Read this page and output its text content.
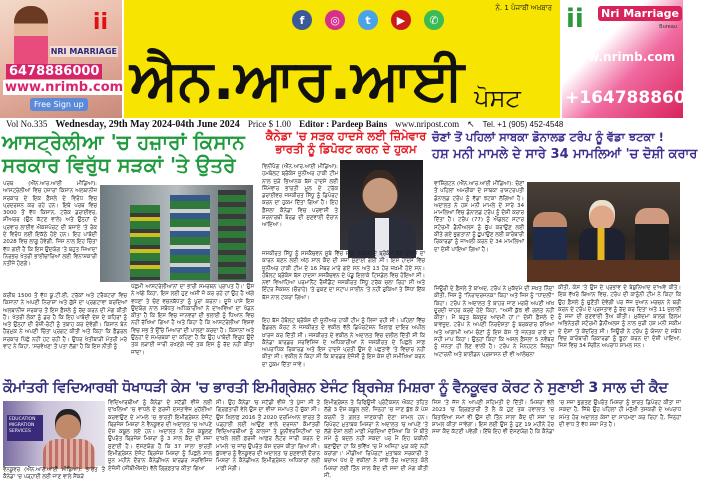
ii
NRI MARRIAGE
6478886000
www.nrimb.com
Free Sign up
f	◎	t	▶	✆
ਨੰ. 1 ਪੰਜਾਬੀ ਅਖ਼ਬਾਰ
ਐਨ.ਆਰ.ਆਈ ਪੋਸਟ
ii Nri Marriage
Bureau
www.nrimb.com
+16478886000
Vol No.335 Wednesday, 29th May 2024-04th June 2024 Price $ 1.00 Editor : Pardeep Bains www.nripost.com ↖ Tel. +1 (905) 452-4548
ਆਸਟ੍ਰੇਲੀਆ 'ਚ ਹਜ਼ਾਰਾਂ ਕਿਸਾਨ
ਸਰਕਾਰ ਵਿਰੁੱਧ ਸੜਕਾਂ 'ਤੇ ਉਤਰੇ
ਪਰਥ (ਐੱਨ.ਆਰ.ਆਈ ਮੀਡਿਆ): ਆਸਟ੍ਰੇਲੀਆ ਵਿਚ ਹਜ਼ਾਰਾਂ ਕਿਸਾਨ ਅਲਬਾਨੀਜ਼ ਸਰਕਾਰ ਦੇ ਇਕ ਫ਼ੈਸਲੇ ਦੇ ਵਿਰੋਧ ਵਿਚ ਪ੍ਰਦਰਸ਼ਨ ਕਰ ਰਹੇ ਹਨ। ਇਥੇ ਪਰਥ ਵਿਚ 3000 ਤੋਂ ਵੱਧ ਕਿਸਾਨ, ਟਰੱਕ ਡਰਾਈਵਰ, ਸ਼ੀਅਰਰ (ਉਨ ਕੱਟਣ ਵਾਲੇ) ਅਤੇ ਉਨ੍ਹਾਂ ਦੇ ਪ੍ਰਵਾਰ ਲਾਈਵ ਐਕਸਪੋਰਟ ਦੀ ਬਜਾਏ 'ਤੇ ਰੋਕ ਦੇ ਵਿਰੋਧ ਲਈ ਇਕੱਠੇ ਹੋਏ ਹਨ। ਇਹ ਪਾਬੰਦੀ 2028 ਵਿਚ ਲਾਗੂ ਹੋਵੇਗੀ, ਜਿਸ ਨਾਲ ਇਹ ਚਿੰਤਾ ਵੱਧ ਗਈ ਹੈ ਕਿ ਇਸ ਉਦਯੋਗ 'ਤੇ ਬਹੁਤ ਜ਼ਿਆਦਾ ਨਿਰਭਰ ਖੇਤਰੀ ਭਾਈਚਾਰਿਆਂ ਲਈ ਵਿਨਾਸ਼ਕਾਰੀ ਨਤੀਜੇ ਹੋਣਗੇ।
ਕਰੀਬ 1500 ਤੋਂ ਵੱਧ ਯੂ.ਟੀ.ਈ, ਟਰੱਕਾਂ ਅਤੇ ਟਰੈਕਟਰਾਂ ਵਿਚ ਕਿਸਾਨਾਂ ਨੇ ਅਪਣੀ ਨਿਰਾਸ਼ਾ ਅਤੇ ਗੁੱਸੇ ਦਾ ਪ੍ਰਗਟਾਵਾ ਕਰਦਿਆਂ ਅਲਬਾਨੀਜ਼ ਸਰਕਾਰ ਤੋਂ ਇਸ ਫ਼ੈਸਲੇ ਨੂੰ ਰੱਦ ਕਰਨ ਦੀ ਮੰਗ ਕੀਤੀ ਹੈ। ਖੇਤਰੀ ਲੋਕਾਂ ਨੂੰ ਡਰ ਹੈ ਕਿ ਇਹ ਪਾਬੰਦੀ ਦੇਸ਼ ਦੇ ਕਹਿਰਾਂ ਨੂੰ ਅਤੇ ਉਨ੍ਹਾਂ ਦੀ ਰੋਜ਼ੀ-ਰੋਟੀ ਨੂੰ ਤਬਾਹ ਕਰ ਦੇਵੇਗੀ। ਕਿਸਾਨ ਬੇਨ ਹੈਰਮੁਕ ਨੇ ਅਪਣੀ ਚਿੰਤਾ ਪ੍ਰਗਟ ਕੀਤੀ ਅਤੇ ਕਿਹਾ ਕਿ ਫ਼ੈਡਰਲ ਸਰਕਾਰ ਪਿੱਛੇ ਨਹੀਂ ਹਟ ਰਹੀ ਹੈ। ਉਧਰ ਖੇਤੀਬਾੜੀ ਮੰਤਰੀ ਮਰੇ ਵਾਟ ਨੇ ਕਿਹਾ, 'ਸਰਵੇਖਣ' ਤੋਂ ਪਤਾ ਲੱਗਾ ਹੈ ਕਿ ਇਸ ਨੀਤੀ ਨੂੰ
ਪੱਛਮੀ ਆਸਟਰੇਲੀਆਨਾਂ ਦਾ ਭਾਰੀ ਸਮਰਥਨ ਪ੍ਰਾਪਤ ਹੈ।' ਉਸ ਨੇ ਅੱਗੇ ਕਿਹਾ, ਇਸ ਲਈ ਹੁਣ ਅਸੀਂ ਜੋ ਕਰ ਰਹੇ ਹਾਂ ਉਹ ਹੈ ਅੱਗੇ ਵਧਣਾ ਤੇ ਚੋਣ ਵਚਨਬੱਧਤਾ ਨੂੰ ਪੂਰਾ ਕਰਨਾ। ਦੂਜੇ ਪਾਸੇ ਇਸ ਉਦਯੋਗ ਨਾਲ ਸਬੰਧਤ ਅਧਿਕਾਰੀਆਂ ਨੇ ਦਾਅਵਿਆਂ ਦਾ ਖੰਡਨ ਕੀਤਾ ਹੈ ਕਿ ਇਸ ਵਿਚ ਜਾਨਵਰਾਂ ਦੀ ਭਲਾਈ ਨੂੰ ਧਿਆਨ ਵਿਚ ਨਹੀਂ ਰੱਖਿਆ ਗਿਆ ਹੈ ਅਤੇ ਕਿਹਾ ਹੈ ਕਿ ਆਸਟਰੇਲੀਆ ਵਿਸ਼ਵ ਵਿਚ ਸਭ ਤੋਂ ਉੱਚੇ ਮਿਆਰਾਂ ਦੀ ਪਾਲਣਾ ਕਰਦਾ ਹੈ। ਕਿਸਾਨਾਂ ਅਤੇ ਉਨ੍ਹਾਂ ਦੇ ਸਮਰਥਕਾਂ ਦਾ ਕਹਿਣਾ ਹੈ ਕਿ ਉਹ ਪਾਬੰਦੀ ਵਿਰੁਧ ਉਦੋਂ ਤਕ ਲੜਾਈ ਜਾਰੀ ਰਖਣਗੇ ਜਦੋਂ ਤਕ ਇਸ ਨੂੰ ਰੱਦ ਨਹੀਂ ਕੀਤਾ ਜਾਂਦਾ।
ਕੈਨੇਡਾ 'ਚ ਸੜਕ ਹਾਦਸੇ ਲਈ ਜ਼ਿੰਮੇਵਾਰ
ਭਾਰਤੀ ਨੂੰ ਡਿਪੋਰਟ ਕਰਨ ਦੇ ਹੁਕਮ
ਵਿਨੀਪੈਗ (ਐੱਨ.ਆਰ.ਆਈ ਮੀਡਿਆ): ਹਮਬੋਲਟ ਬ੍ਰੋਂਕੋਸ ਜੂਨੀਅਰ ਹਾਕੀ ਟੀਮ ਨਾਲ ਜੁੜੇ ਭਿਆਨਕ ਬੱਸ ਹਾਦਸੇ ਲਈ ਜ਼ਿੰਮੇਵਾਰ ਭਾਰਤੀ ਮੂਲ ਦੇ ਟਰੱਕ ਡਰਾਈਵਰ ਜਸਕੀਰਤ ਸਿੱਧੂ ਨੂੰ ਡਿਪੋਰਟ ਕਰਨ ਦਾ ਹੁਕਮ ਦਿੱਤਾ ਗਿਆ ਹੈ। ਇਹ ਫ਼ੈਸਲਾ ਕੈਨੇਡਾ ਵਿਚ ਪਰਵਾਸੀ ਤੇ ਸ਼ਰਨਾਰਥੀ ਬੋਰਡ ਦੀ ਸੁਣਵਾਈ ਦੌਰਾਨ ਆਇਆ।
ਜਸਕੀਰਤ ਸਿੱਧੂ ਨੂੰ ਸਸਕੈਚਵਨ ਸੂਬੇ ਵਿੱਚ ਸਾਲ 2018 ਦੇ ਬ੍ਰੋਂਕੋਸ ਬੱਸ ਹਾਦਸੇ ਦਾ ਕਾਰਨ ਬਣਨ ਲਈ ਅੱਠ ਸਾਲ ਕੈਦ ਦੀ ਸਜ਼ਾ ਸੁਣਾਈ ਗਈ ਸੀ। ਇਸ ਹਾਦਸੇ ਵਿੱਚ ਜੂਨੀਅਰ ਹਾਕੀ ਟੀਮ ਦੇ 16 ਮੈਂਬਰ ਮਾਰੇ ਗਏ ਸਨ ਅਤੇ 13 ਹੋਰ ਜ਼ਖ਼ਮੀ ਹੋਏ ਸਨ। ਹੰਬੋਲਟ ਬ੍ਰੋਂਕੋਸ ਬੱਸ ਹਾਦਸਾ ਸਸਕੈਚਵਨ ਦੇ ਪੇਂਡੂ ਇਲਾਕੇ ਟਿਸਡੇਲ ਵਿਚ ਹੋਇਆ ਸੀ। ਨਵਾਂ ਵਿਆਹਿਆ ਪਰਮਾਨੈਂਟ ਰੈਜ਼ੀਡੈਂਟ ਜਸਕੀਰਤ ਸਿੱਧੂ ਟਰੱਕ ਚਲਾ ਰਿਹਾ ਸੀ ਅਤੇ ਇੰਟਰ ਸੈਕਸ਼ਨ (ਚੌਰਾਹੇ) 'ਤੇ ਰੁਕਣ ਦਾ ਸਟਾਪ ਸਾਈਨ 'ਤੇ ਨਹੀਂ ਰੁਕਿਆ ਤੇ ਸਿੱਧਾ ਇੱਕ ਬੱਸ ਨਾਲ ਟਕਰਾ ਗਿਆ।
ਇਹ ਬੱਸ ਹੰਬੋਲਟ ਬ੍ਰੋਂਕੋਸ ਦੀ ਜੂਨੀਅਰ ਹਾਕੀ ਟੀਮ ਨੂੰ ਲਿਜਾ ਰਹੀ ਸੀ। ਪਹਿਲਾਂ ਵਿੱਚ ਫੈਡਰਲ ਕੋਰਟ ਨੇ ਜਸਕੀਰਤ ਦੇ ਵਕੀਲ ਵੱਲੋਂ ਡਿਪੋਰਟੇਸ਼ਨ ਖ਼ਿਲਾਫ਼ ਦਾਇਰ ਅਪੀਲ ਖ਼ਾਰਜ ਕਰ ਦਿੱਤੀ ਸੀ। ਜਸਕੀਰਤ ਦੇ ਵਕੀਲ ਨੇ ਅਦਾਲਤ ਵਿਚ ਦਲੀਲ ਦਿੱਤੀ ਸੀ ਕਿ ਕੈਨੇਡਾ ਬਾਰਡਰ ਸਰਵਿਸਿਜ਼ ਦੇ ਅਧਿਕਾਰੀਆਂ ਨੇ ਜਸਕੀਰਤ ਦੇ ਪਿਛਲੇ ਸਾਫ਼ ਅਪਰਾਧਿਕ ਰਿਕਾਰਡ ਅਤੇ ਇਸ ਹਾਦਸੇ ਪ੍ਰਤੀ ਉਸ ਦੇ ਪਛਤਾਵੇ 'ਤੇ ਵਿਚਾਰ ਨਹੀਂ ਕੀਤਾ ਸੀ। ਵਕੀਲ ਨੇ ਕਿਹਾ ਸੀ ਕਿ ਬਾਰਡਰ ਏਜੰਸੀ ਨੂੰ ਇਸ ਕੇਸ ਦੀ ਸਮੀਖਿਆ ਕਰਨ ਦਾ ਹੁਕਮ ਦਿੱਤਾ ਜਾਵੇ।
ਚੋਣਾਂ ਤੋਂ ਪਹਿਲਾਂ ਸਾਬਕਾ ਡੋਨਾਲਡ ਟਰੰਪ ਨੂੰ ਵੱਡਾ ਝਟਕਾ !
ਹਸ਼ ਮਨੀ ਮਾਮਲੇ ਦੇ ਸਾਰੇ 34 ਮਾਮਲਿਆਂ 'ਚ ਦੋਸ਼ੀ ਕਰਾਰ
ਵਾਸ਼ਿੰਗਟਨ (ਐੱਨ.ਆਰ.ਆਈ ਮੀਡਿਆ): ਚੋਣਾਂ ਤੋਂ ਪਹਿਲਾਂ ਅਮਰੀਕਾ ਦੇ ਸਾਬਕਾ ਰਾਸ਼ਟਰਪਤੀ ਡੋਨਾਲਡ ਟਰੰਪ ਨੂੰ ਵੱਡਾ ਝਟਕਾ ਲੱਗਿਆ ਹੈ। ਅਦਾਲਤ ਨੇ ਹਸ਼ ਮਨੀ ਮਾਮਲੇ ਦੇ ਸਾਰੇ 34 ਮਾਮਲਿਆਂ ਵਿਚ ਡੋਨਾਲਡ ਟਰੰਪ ਨੂੰ ਦੋਸ਼ੀ ਕਰਾਰ ਦਿੱਤਾ ਹੈ। ਟਰੰਪ (77) ਨੂੰ ਐਡਲਟ ਸਟਾਰ ਸਟੋਰਮੀ ਡੈਨੀਅਲਸ ਨੂੰ ਚੁੱਪ ਕਰਾਉਣ ਲਈ ਕੀਤੇ ਗਏ ਭੁਗਤਾਨਾਂ ਨੂੰ ਛੁਪਾਉਣ ਲਈ ਕਾਰੋਬਾਰੀ ਰਿਕਾਰਡਾਂ ਨੂੰ ਜਾਅਲੀ ਕਰਨ ਦੇ 34 ਮਾਮਲਿਆਂ ਦਾ ਦੋਸ਼ੀ ਪਾਇਆ ਗਿਆ ਹੈ।
ਜਿਊਰੀ ਦੇ ਫ਼ੈਸਲੇ ਤੋਂ ਬਾਅਦ, ਟਰੰਪ ਨੇ ਮੁਕੱਦਮੇ ਦੀ ਸਖ਼ਤ ਨਿੰਦਾ ਕੀਤੀ, ਜਿਸ ਨੂੰ "ਨਿਰਾਦਰਜਨਕ" ਕਿਹਾ ਅਤੇ ਜਿਸ ਨੂੰ "ਧਾਂਦਲੀ" ਕਿਹਾ। ਟਰੰਪ ਨੇ ਅਦਾਲਤ ਤੋਂ ਬਾਹਰ ਜਾਣ ਮਗਰੋਂ ਅਪਣੀ ਅੱਖ ਦੂਰਦੀ ਜ਼ਾਹਰ ਕਰਦੇ ਹੋਏ ਕਿਹਾ, "ਅਸੀਂ ਕੁੱਝ ਵੀ ਗਲਤ ਨਹੀਂ ਕੀਤਾ। ਮੈਂ ਬਹੁਤ ਬੇਕਸੂਰ ਆਦਮੀ ਹਾਂ।" ਦੋਸ਼ੀ ਫ਼ੈਸਲੇ ਦੇ ਬਾਵਜੂਦ, ਟਰੰਪ ਨੇ ਅਪਣੀ ਨਿਰਦੋਸ਼ਤਾ ਨੂੰ ਬਰਕਰਾਰ ਰੱਖਿਆ ਅਤੇ ਆਗਾਮੀ ਆਮ ਚੋਣਾਂ ਨੂੰ ਇਸ ਕੇਸ 'ਤੇ ਜਨਤਕ ਰਾਏ ਦਾ ਸਹੀ ਮਾਪ ਕਿਹਾ। ਉਨ੍ਹਾਂ ਕਿਹਾ ਕਿ ਅਸਲ ਫ਼ੈਸਲਾ 5 ਨਵੰਬਰ ਨੂੰ ਜਨਤਾ ਹੀ ਲੈਣ ਵਾਲੀ ਹੈ। ਟਰੰਪ ਨੇ ਮੈਨਹਟਨ ਜ਼ਿਲ੍ਹਾ ਅਟਾਰਨੀ ਅਤੇ ਬਾਈਡਨ ਪ੍ਰਸ਼ਾਸਨ ਦੀ ਵੀ ਆਲੋਚਨਾ
ਕੀਤੀ, ਕੇਸ 'ਤੇ ਉਸ ਦੇ ਪ੍ਰਭਾਵ ਦੇ ਬੇਬੁਨਿਆਦ ਦਾਅਵੇ ਕੀਤੇ। ਇਕ ਵੱਖਰੇ ਬਿਆਨ ਵਿਚ, ਟਰੰਪ ਦੀ ਕਾਨੂੰਨੀ ਟੀਮ ਨੇ ਕਿਹਾ ਕਿ ਉਹ ਫ਼ੈਸਲੇ ਨੂੰ ਚੁਣੌਤੀ ਦੇਵੇਗੀ ਪਰ ਜੱਜ ਜੁਆਨ ਮਰਚਨ ਨੇ ਬਰੀ ਕਰਨ ਦੇ ਟਰੰਪ ਦੇ ਪ੍ਰਸਤਾਵ ਨੂੰ ਰੱਦ ਕਰ ਦਿਤਾ ਅਤੇ 11 ਜੁਲਾਈ ਨੂੰ ਸਜ਼ਾ ਦੀ ਸੁਣਵਾਈ ਤੈਅ ਕੀਤੀ। ਮੁਕੱਦਮਾ ਬਾਲਗ ਫ਼ਿਲਮ ਅਭਿਨੇਤਰੀ ਸਟੋਰਮੀ ਡੈਨੀਅਲਸ ਨੂੰ ਨਾਲ ਜੁੜੀ ਹਸ਼ ਮਨੀ ਸਕੀਮ ਦੇ ਦੋਸ਼ਾਂ 'ਤੇ ਕੇਂਦਰਿਤ ਸੀ। ਜਿਊਰੀ ਨੇ ਟਰੰਪ ਨੂੰ ਯੋਜਨਾ ਦੇ ਸਬੰਧ ਵਿਚ ਕਾਰੋਬਾਰੀ ਰਿਕਾਰਡਾਂ ਨੂੰ ਝੂਠਾ ਕਰਨ ਦਾ ਦੋਸ਼ੀ ਪਾਇਆ, ਜਿਸ ਵਿਚ 34 ਸੰਗੀਨ ਅਪਰਾਧ ਸ਼ਾਮਲ ਸਨ।
ਕੌਮਾਂਤਰੀ ਵਿਦਿਆਰਥੀ ਧੋਖਾਧੜੀ ਕੇਸ 'ਚ ਭਾਰਤੀ ਇਮੀਗ੍ਰੇਸ਼ਨ ਏਜੰਟ ਬ੍ਰਿਜੇਸ਼ ਮਿਸ਼ਰਾ ਨੂੰ ਵੈਨਕੂਵਰ ਕੋਰਟ ਨੇ ਸੁਣਾਈ 3 ਸਾਲ ਦੀ ਕੈਦ
EDUCATION MIGRATION SERVICES
ਵੈਨਕੂਵਰ (ਐੱਨ.ਆਰ.ਆਈ ਮੀਡਿਆ): ਭਾਰਤ ਤੋਂ ਕੈਨੇਡਾ 'ਚ ਪੜ੍ਹਾਈ ਲਈ ਜਾਣ ਵਾਲੇ ਸੈਂਕੜੇ
ਵਿਦਿਆਰਥੀਆਂ ਨੂੰ ਕੈਨੇਡਾ ਦੇ ਸਟੱਡੀ ਵੀਜ਼ੇ ਲਈ ਦਾਖ਼ਲਿਆਂ 'ਚ ਵਾਧਲੇ ਦੇ ਫ਼ਰਜ਼ੀ ਦਸਤਾਵੇਜ਼ ਮੁਹੱਈਆ ਕਰਵਾਉਣ ਦੇ ਮਾਮਲੇ 'ਚ ਭਾਰਤੀ ਇਮੀਗ੍ਰੇਸ਼ਨ ਏਜੰਟ ਬ੍ਰਿਜੇਸ਼ ਮਿਸ਼ਰਾ ਨੇ ਵੈਨਕੂਵਰ ਦੀ ਅਦਾਲਤ 'ਚ ਆਪਣੇ ਦੋਸ਼ ਕਬੂਲ ਲਏ ਹਨ। ਅਦਾਲਤ ਨੇ ਦੋਸ਼ ਕਬੂਲਣ ਉਪਰੰਤ ਬ੍ਰਿਜੇਸ਼ ਮਿਸ਼ਰਾ ਨੂੰ 3 ਸਾਲ ਕੈਦ ਦੀ ਸਜ਼ਾ ਸੁਣਾਈ ਹੈ। ਦੱਸਣਯੋਗ ਹੈ ਕਿ 37 ਸਾਲਾ ਭਾਰਤੀ ਇਮੀਗ੍ਰੇਸ਼ਨ ਏਜੰਟ ਬ੍ਰਿਜੇਸ਼ ਮਿਸ਼ਰਾ ਨੂੰ ਪਿਛਲੇ ਸਾਲ ਜੂਨ ਮਹੀਨੇ ਦੌਰਾਨ ਕੈਨੇਡੀਅਨ ਬਾਰਡਰ ਸਰਵਿਸਿਜ਼ ਏਜੰਸੀ (ਸੀਬੀਐੱਸਏ) ਵੱਲੋਂ ਗ੍ਰਿਫ਼ਤਾਰ ਕੀਤਾ ਗਿਆ
ਸੀ। ਉਹ ਕੈਨੇਡਾ 'ਚ ਸਟੱਡੀ ਵੀਜ਼ੇ 'ਤੇ ਪੁੱਜਾ ਸੀ ਤੇ ਗ੍ਰਿਫ਼ਤਾਰੀ ਵੇਲੇ ਉਸ ਦਾ ਵੀਜ਼ਾ ਸਮਾਪਤ ਹੋ ਚੁੱਕਾ ਸੀ। ਉਸ ਖ਼ਿਲਾਫ਼ 2016 ਤੋਂ 2020 ਦਰਮਿਆਨ ਭਾਰਤ ਤੋਂ ਪੜ੍ਹਾਈ ਲਈ ਆਉਣ ਵਾਲੇ ਦਰਜਨਾਂ ਕੌਮਾਂਤਰੀ ਵਿਦਿਆਰਥੀਆਂ ਨੂੰ ਕਾਲਜਾਂ ਤੇ ਯੂਨੀਵਰਸਿਟੀਆਂ 'ਚ ਦਾਖ਼ਲੇ ਲਈ ਫ਼ਰਜ਼ੀ ਆਫ਼ਰ ਲੈਟਰ ਜਾਰੀ ਕਰਨ ਦੇ ਮਾਮਲੇ 'ਚ ਜਾਂਚ ਉਪਰੰਤ ਕੇਸ ਦਰਜ ਕੀਤਾ ਗਿਆ ਸੀ। ਬੁੱਧਵਾਰ ਨੂੰ ਵੈਨਕੂਵਰ ਦੀ ਅਦਾਲਤ 'ਚ ਸੁਣਵਾਈ ਦੌਰਾਨ ਮਿਸ਼ਰਾ ਨੇ ਕੈਨੇਡੀਅਨ ਇਮੀਗ੍ਰੇਸ਼ਨ ਅਧਿਕਾਰਾਂ ਲਈ ਮਾਫ਼ੀ ਮੰਗੀ।
ਇਮੀਗ੍ਰੇਸ਼ਨ ਤੇ ਰਿਫਿਊਜੀ ਪ੍ਰੋਟੈਕਸ਼ਨ ਐਕਟ ਤਹਿਤ ਲੱਗੇ 3 ਦੋਸ਼ ਕਬੂਲ ਲਏ, ਜਿਨ੍ਹਾਂ 'ਚ ਜਾਣ ਬੁੱਝ ਕੇ ਪੇਸ਼ ਕਰਨੀ ਤੇ ਗ਼ਲਤ ਜਾਣਕਾਰੀ ਦੇਣਾ ਸ਼ਾਮਲ ਹਨ। ਰਿਪੋਰਟ ਮੁਤਾਬਕ ਮਿਸ਼ਰਾ ਨੇ ਅਦਾਲਤ 'ਚ ਆਪਣੇ 'ਤੇ ਲੱਗੇ ਦੋਸ਼ਾਂ ਲਈ ਮਾਫ਼ੀ ਮੰਗਦਿਆਂ ਦੱਸਿਆ ਕਿ 'ਮੈਂ ਬੀਤੇ ਸਮੇਂ ਨੂੰ ਬਦਲ ਨਹੀਂ ਸਕਦਾ ਪਰ ਮੈਂ ਇਹ ਯਕੀਨੀ ਬਣਾਉਂਦਾ ਹਾਂ ਕਿ ਭਵਿੱਖ 'ਚ ਮੈਂ ਅਜਿਹਾ ਮੁੜ ਕਦੇ ਨਹੀਂ ਕਰਾਂਗਾ।' ਮੀਡੀਆ ਰਿਪੋਰਟਾਂ ਮੁਤਾਬਕ ਸਰਕਾਰੀ ਤੇ ਬਚਾਅ ਪੱਖ ਦੇ ਵਕੀਲਾਂ ਨੇ ਸਾਂਝੇ ਤੌਰ ਅਦਾਲਤ ਕੋਲੋਂ ਮਿਸ਼ਰਾ ਲਈ ਤਿੰਨ ਸਾਲ ਕੈਦ ਦੀ ਸਜ਼ਾ ਦੀ ਮੰਗ ਕੀਤੀ ਸੀ,
ਜਿਸ 'ਤੇ ਜੱਜ ਨੇ ਆਪਣੀ ਸਹਿਮਤੀ ਦੇ ਦਿੱਤੀ। ਮਿਸ਼ਰਾ ਵੱਲੋਂ 2023 'ਚ ਗ੍ਰਿਫ਼ਤਾਰੀ ਤੋਂ ਲੈ ਕੇ ਹੁਣ ਤਕ ਹਵਾਲਾਤ 'ਚ ਬਿਤਾਇਆ ਸਮਾਂ ਵੀ ਉਸ ਦੀ ਤਿੰਨ ਸਾਲਾ ਕੈਦ ਦੀ ਸਜ਼ਾ 'ਚ ਸ਼ਾਮਲ ਕੀਤਾ ਜਾਵੇਗਾ। ਇਸ ਲਈ ਉਸ ਨੂੰ ਹੁਣ 19 ਮਹੀਨੇ ਹੋਰ ਸਜ਼ਾ ਕੈਦ ਕੱਟਣੀ ਪਵੇਗੀ। ਇੱਥੇ ਇਹ ਵੀ ਦੱਸਣਯੋਗ ਹੈ ਕਿ ਕੈਨੇਡਾ 'ਚ ਸਜ਼ਾ ਭੁਗਤਣ ਉਪਰੰਤ ਮਿਸ਼ਰਾ ਨੂੰ ਭਾਰਤ ਡਿਪੋਰਟ ਕੀਤਾ ਜਾ ਸਕਦਾ ਹੈ, ਜਿੱਥੇ ਉਹ ਪਹਿਲਾਂ ਹੀ ਮਨੁੱਖੀ ਤਸਕਰੀ ਦੇ ਅਪਰਾਧ ਸਮੇਤ ਹੋਰ ਅਦਾਲਤ ਕੇਸਾਂ ਦਾ ਸਾਹਮਣਾ ਕਰ ਰਿਹਾ ਹੈ, ਜਿਨ੍ਹਾਂ ਦੀ ਵਾਧ ਤੋਂ ਵੱਧ ਸਜ਼ਾ ਮੌਤ ਹੈ।
